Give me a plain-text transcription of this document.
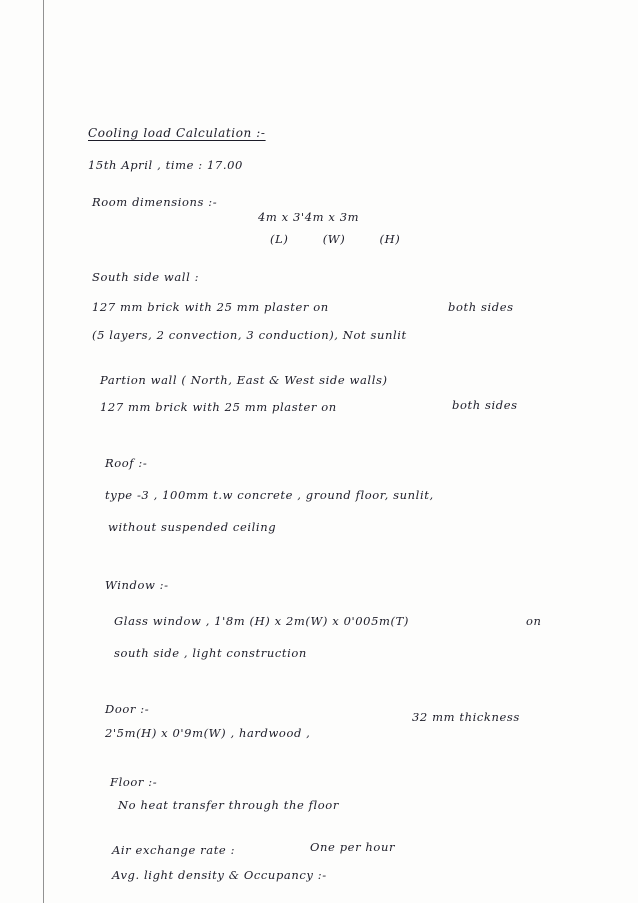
Cooling load Calculation :-
15th April , time : 17.00
Room dimensions :-
4m x 3'4m x 3m
(L)	(W)	(H)
South side wall :
127 mm brick with 25 mm plaster on	both sides
(5 layers, 2 convection, 3 conduction), Not sunlit
Partion wall ( North, East & West side walls)
127 mm brick with 25 mm plaster on	both sides
Roof :-
type -3 , 100mm t.w concrete , ground floor, sunlit,
without suspended ceiling
Window :-
Glass window , 1'8m (H) x 2m(W) x 0'005m(T)	on
south side , light construction
Door :-
2'5m(H) x 0'9m(W) , hardwood ,
32 mm thickness
Floor :-
No heat transfer through the floor
Air exchange rate :	One per hour
Avg. light density & Occupancy :-
